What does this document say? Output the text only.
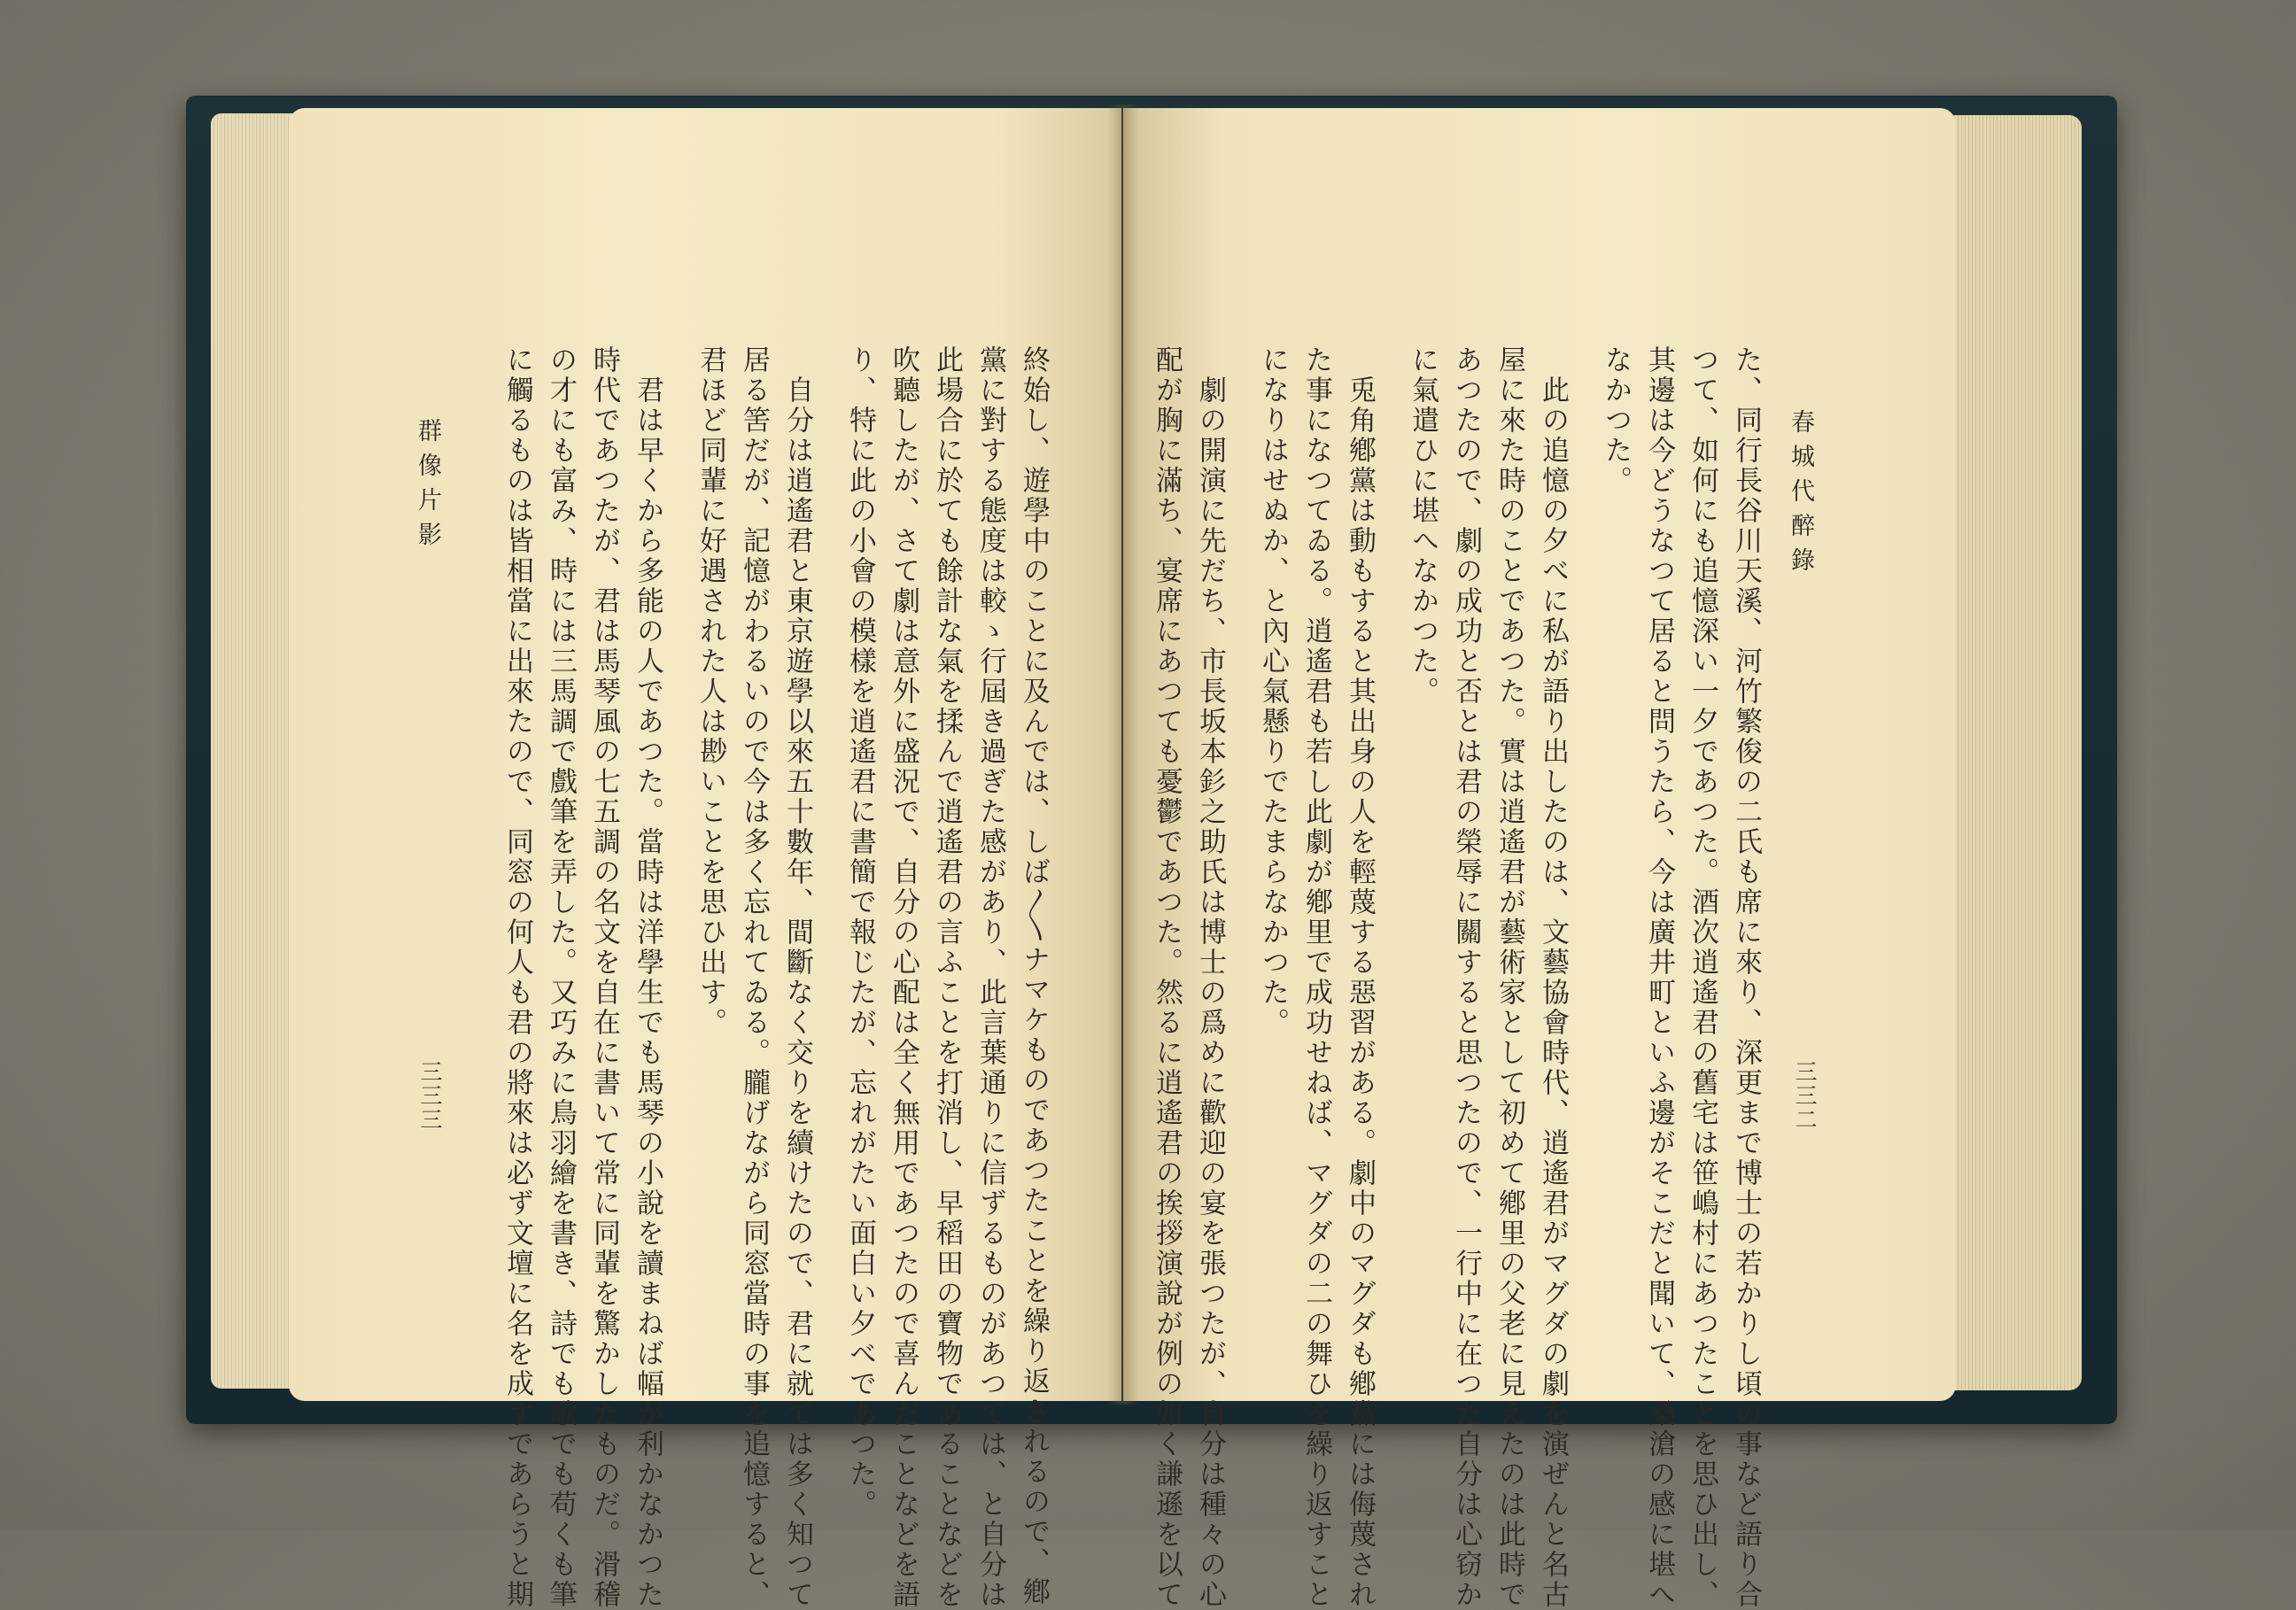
終始し、遊學中のことに及んでは、しば〳〵ナマケものであつたことを繰り返されるので、鄕
黨に對する態度は較ゝ行屆き過ぎた感があり、此言葉通りに信ずるものがあつては、と自分は
此場合に於ても餘計な氣を揉んで逍遙君の言ふことを打消し、早稻田の寶物であることなどを
吹聽したが、さて劇は意外に盛況で、自分の心配は全く無用であつたので喜んだことなどを語
り、特に此の小會の模樣を逍遙君に書簡で報じたが、忘れがたい面白い夕べであつた。
自分は逍遙君と東京遊學以來五十數年、間斷なく交りを續けたので、君に就ては多く知つて
居る筈だが、記憶がわるいので今は多く忘れてゐる。朧げながら同窓當時の事を追憶すると、
君ほど同輩に好遇された人は尠いことを思ひ出す。
君は早くから多能の人であつた。當時は洋學生でも馬琴の小說を讀まねば幅が利かなかつた
時代であつたが、君は馬琴風の七五調の名文を自在に書いて常に同輩を驚かしたものだ。滑稽
の才にも富み、時には三馬調で戲筆を弄した。又巧みに鳥羽繪を書き、詩でも歌でも苟くも筆
に觸るものは皆相當に出來たので、同窓の何人も君の將來は必ず文壇に名を成すであらうと期
群像片影
三三三
春城代醉錄
三三二
た、同行長谷川天溪、河竹繁俊の二氏も席に來り、深更まで博士の若かりし頃の事など語り合
つて、如何にも追憶深い一夕であつた。酒次逍遙君の舊宅は笹嶋村にあつたことを思ひ出し、
其邊は今どうなつて居ると問うたら、今は廣井町といふ邊がそこだと聞いて、桑滄の感に堪へ
なかつた。
此の追憶の夕べに私が語り出したのは、文藝協會時代、逍遙君がマグダの劇を演ぜんと名古
屋に來た時のことであつた。實は逍遙君が藝術家として初めて鄕里の父老に見えたのは此時で
あつたので、劇の成功と否とは君の榮辱に關すると思つたので、一行中に在つた自分は心窃か
に氣遣ひに堪へなかつた。
兎角鄕黨は動もすると其出身の人を輕蔑する惡習がある。劇中のマグダも鄕黨には侮蔑され
た事になつてゐる。逍遙君も若し此劇が鄕里で成功せねば、マグダの二の舞ひを繰り返すこと
になりはせぬか、と內心氣懸りでたまらなかつた。
劇の開演に先だち、市長坂本釤之助氏は博士の爲めに歡迎の宴を張つたが、自分は種々の心
配が胸に滿ち、宴席にあつても憂鬱であつた。然るに逍遙君の挨拶演說が例の如く謙遜を以て
